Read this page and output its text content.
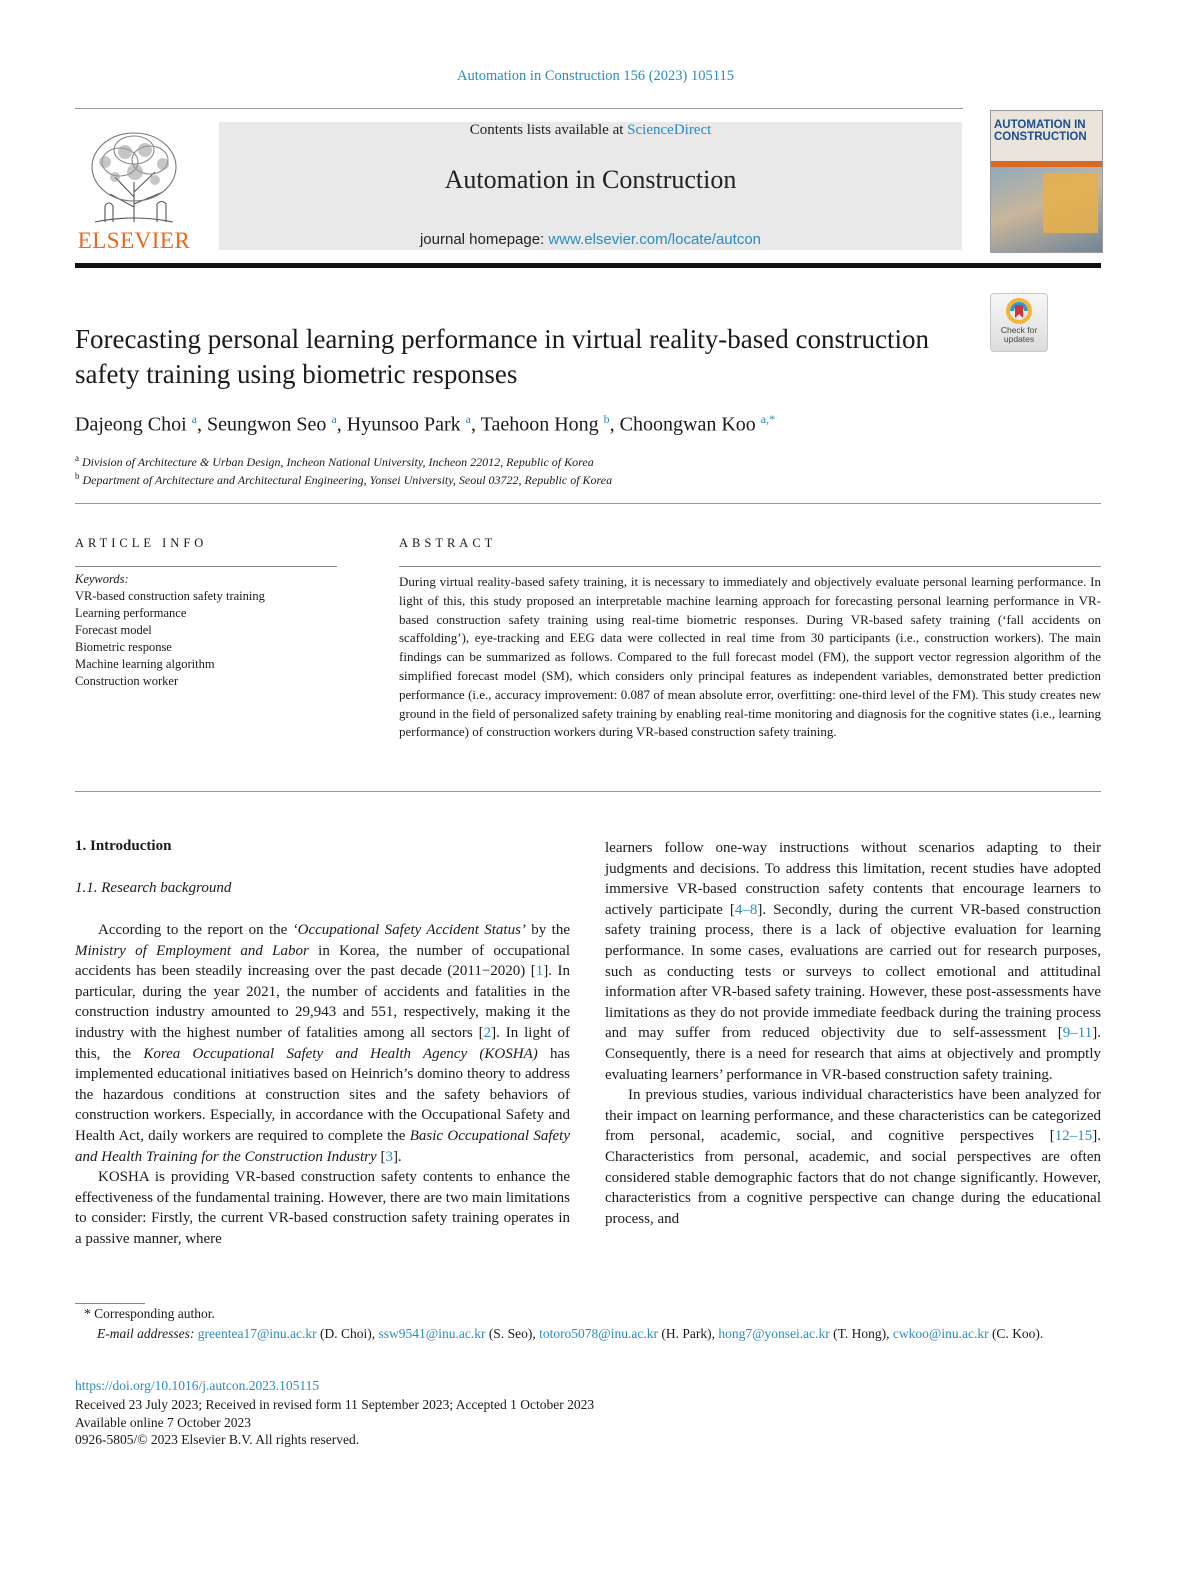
Automation in Construction 156 (2023) 105115
ELSEVIER
Contents lists available at ScienceDirect
Automation in Construction
journal homepage: www.elsevier.com/locate/autcon
AUTOMATION IN CONSTRUCTION
Check for updates
Forecasting personal learning performance in virtual reality-based construction safety training using biometric responses
Dajeong Choi $^a$, Seungwon Seo $^a$, Hyunsoo Park $^a$, Taehoon Hong $^b$, Choongwan Koo $^{a,*}$
$^a$ Division of Architecture & Urban Design, Incheon National University, Incheon 22012, Republic of Korea
$^b$ Department of Architecture and Architectural Engineering, Yonsei University, Seoul 03722, Republic of Korea
ARTICLE INFO
Keywords:
VR-based construction safety training
Learning performance
Forecast model
Biometric response
Machine learning algorithm
Construction worker
ABSTRACT
During virtual reality-based safety training, it is necessary to immediately and objectively evaluate personal learning performance. In light of this, this study proposed an interpretable machine learning approach for forecasting personal learning performance in VR-based construction safety training using real-time biometric responses. During VR-based safety training (‘fall accidents on scaffolding’), eye-tracking and EEG data were collected in real time from 30 participants (i.e., construction workers). The main findings can be summarized as follows. Compared to the full forecast model (FM), the support vector regression algorithm of the simplified forecast model (SM), which considers only principal features as independent variables, demonstrated better prediction performance (i.e., accuracy improvement: 0.087 of mean absolute error, overfitting: one-third level of the FM). This study creates new ground in the field of personalized safety training by enabling real-time monitoring and diagnosis for the cognitive states (i.e., learning performance) of construction workers during VR-based construction safety training.
1. Introduction
1.1. Research background

According to the report on the ‘Occupational Safety Accident Status’ by the Ministry of Employment and Labor in Korea, the number of occupational accidents has been steadily increasing over the past decade (2011−2020) [1]. In particular, during the year 2021, the number of accidents and fatalities in the construction industry amounted to 29,943 and 551, respectively, making it the industry with the highest number of fatalities among all sectors [2]. In light of this, the Korea Occupational Safety and Health Agency (KOSHA) has implemented educational initiatives based on Heinrich’s domino theory to address the hazardous conditions at construction sites and the safety behaviors of construction workers. Especially, in accordance with the Occupational Safety and Health Act, daily workers are required to complete the Basic Occupational Safety and Health Training for the Construction Industry [3].

KOSHA is providing VR-based construction safety contents to enhance the effectiveness of the fundamental training. However, there are two main limitations to consider: Firstly, the current VR-based construction safety training operates in a passive manner, where

learners follow one-way instructions without scenarios adapting to their judgments and decisions. To address this limitation, recent studies have adopted immersive VR-based construction safety contents that encourage learners to actively participate [4–8]. Secondly, during the current VR-based construction safety training process, there is a lack of objective evaluation for learning performance. In some cases, evaluations are carried out for research purposes, such as conducting tests or surveys to collect emotional and attitudinal information after VR-based safety training. However, these post-assessments have limitations as they do not provide immediate feedback during the training process and may suffer from reduced objectivity due to self-assessment [9–11]. Consequently, there is a need for research that aims at objectively and promptly evaluating learners’ performance in VR-based construction safety training.

In previous studies, various individual characteristics have been analyzed for their impact on learning performance, and these characteristics can be categorized from personal, academic, social, and cognitive perspectives [12–15]. Characteristics from personal, academic, and social perspectives are often considered stable demographic factors that do not change significantly. However, characteristics from a cognitive perspective can change during the educational process, and

* Corresponding author.
E-mail addresses: greentea17@inu.ac.kr (D. Choi), ssw9541@inu.ac.kr (S. Seo), totoro5078@inu.ac.kr (H. Park), hong7@yonsei.ac.kr (T. Hong), cwkoo@inu.ac.kr (C. Koo).
https://doi.org/10.1016/j.autcon.2023.105115
Received 23 July 2023; Received in revised form 11 September 2023; Accepted 1 October 2023
Available online 7 October 2023
0926-5805/© 2023 Elsevier B.V. All rights reserved.
